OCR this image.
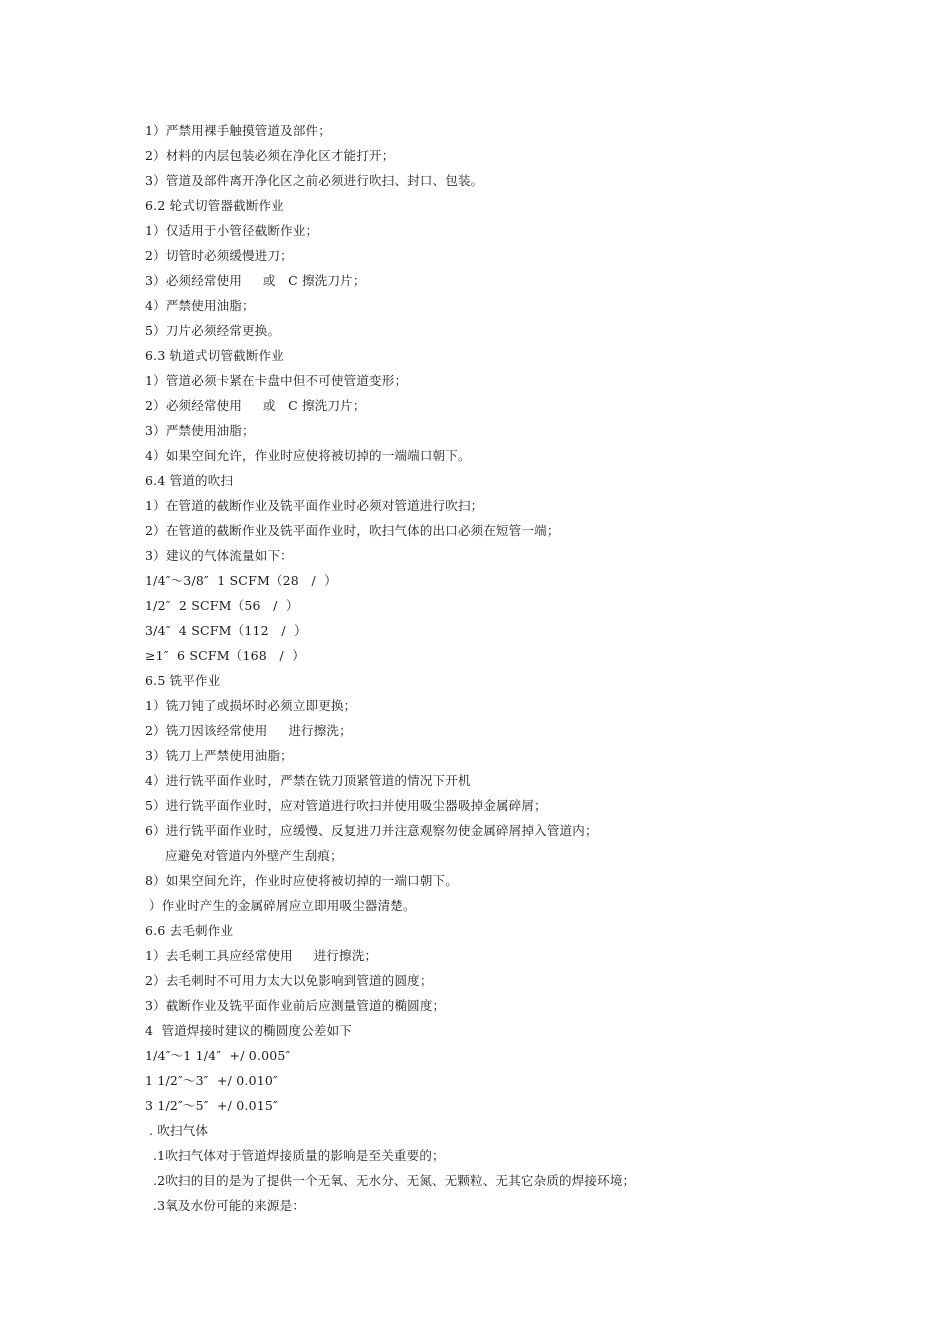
1）严禁用裸手触摸管道及部件；
2）材料的内层包装必须在净化区才能打开；
3）管道及部件离开净化区之前必须进行吹扫、封口、包装。
6.2 轮式切管器截断作业
1）仅适用于小管径截断作业；
2）切管时必须缓慢进刀；
3）必须经常使用     或   C 擦洗刀片；
4）严禁使用油脂；
5）刀片必须经常更换。
6.3 轨道式切管截断作业
1）管道必须卡紧在卡盘中但不可使管道变形；
2）必须经常使用     或   C 擦洗刀片；
3）严禁使用油脂；
4）如果空间允许，作业时应使将被切掉的一端端口朝下。
6.4 管道的吹扫
1）在管道的截断作业及铣平面作业时必须对管道进行吹扫；
2）在管道的截断作业及铣平面作业时，吹扫气体的出口必须在短管一端；
3）建议的气体流量如下：
1/4″～3/8″  1 SCFM（28   /  ）
1/2″  2 SCFM（56   /  ）
3/4″  4 SCFM（112   /  ）
≥1″  6 SCFM（168   /  ）
6.5 铣平作业
1）铣刀钝了或损坏时必须立即更换；
2）铣刀因该经常使用     进行擦洗；
3）铣刀上严禁使用油脂；
4）进行铣平面作业时，严禁在铣刀顶紧管道的情况下开机
5）进行铣平面作业时，应对管道进行吹扫并使用吸尘器吸掉金属碎屑；
6）进行铣平面作业时，应缓慢、反复进刀并注意观察勿使金属碎屑掉入管道内；
应避免对管道内外壁产生刮痕；
8）如果空间允许，作业时应使将被切掉的一端口朝下。
）作业时产生的金属碎屑应立即用吸尘器清楚。
6.6 去毛刺作业
1）去毛刺工具应经常使用     进行擦洗；
2）去毛刺时不可用力太大以免影响到管道的圆度；
3）截断作业及铣平面作业前后应测量管道的椭圆度；
4  管道焊接时建议的椭圆度公差如下
1/4″～1 1/4″  +/ 0.005″
1 1/2″～3″  +/ 0.010″
3 1/2″～5″  +/ 0.015″
. 吹扫气体
.1吹扫气体对于管道焊接质量的影响是至关重要的；
.2吹扫的目的是为了提供一个无氧、无水分、无氮、无颗粒、无其它杂质的焊接环境；
.3氧及水份可能的来源是：
